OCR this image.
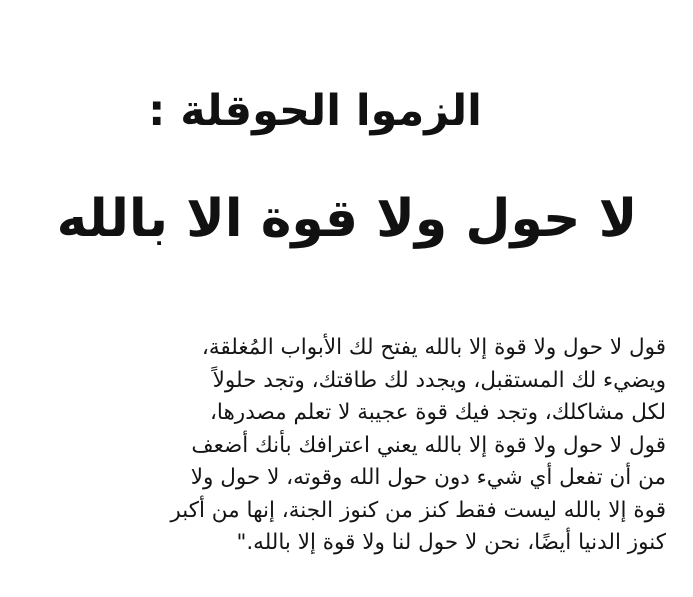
الزموا الحوقلة :
لا حول ولا قوة الا بالله
قول لا حول ولا قوة إلا بالله يفتح لك الأبواب المُغلقة،
ويضيء لك المستقبل، ويجدد لك طاقتك، وتجد حلولاً
لكل مشاكلك، وتجد فيك قوة عجيبة لا تعلم مصدرها،
قول لا حول ولا قوة إلا بالله يعني اعترافك بأنك أضعف
من أن تفعل أي شيء دون حول الله وقوته، لا حول ولا
قوة إلا بالله ليست فقط كنز من كنوز الجنة، إنها من أكبر
كنوز الدنيا أيضًا، نحن لا حول لنا ولا قوة إلا بالله."
